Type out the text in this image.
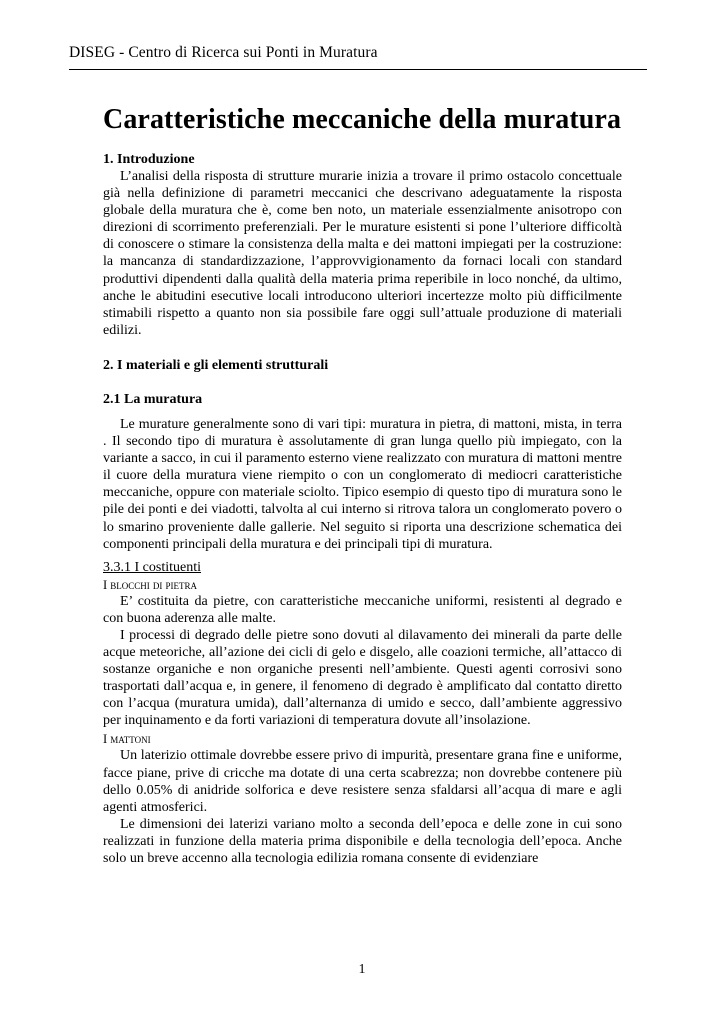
DISEG - Centro di Ricerca sui Ponti in Muratura
Caratteristiche meccaniche della muratura

1. Introduzione

L’analisi della risposta di strutture murarie inizia a trovare il primo ostacolo concettuale già nella definizione di parametri meccanici che descrivano adeguatamente la risposta globale della muratura che è, come ben noto, un materiale essenzialmente anisotropo con direzioni di scorrimento preferenziali. Per le murature esistenti si pone l’ulteriore difficoltà di conoscere o stimare la consistenza della malta e dei mattoni impiegati per la costruzione: la mancanza di standardizzazione, l’approvvigionamento da fornaci locali con standard produttivi dipendenti dalla qualità della materia prima reperibile in loco nonché, da ultimo, anche le abitudini esecutive locali introducono ulteriori incertezze molto più difficilmente stimabili rispetto a quanto non sia possibile fare oggi sull’attuale produzione di materiali edilizi.

2. I materiali e gli elementi strutturali

2.1 La muratura

Le murature generalmente sono di vari tipi: muratura in pietra, di mattoni, mista, in terra . Il secondo tipo di muratura è assolutamente di gran lunga quello più impiegato, con la variante a sacco, in cui il paramento esterno viene realizzato con muratura di mattoni mentre il cuore della muratura viene riempito o con un conglomerato di mediocri caratteristiche meccaniche, oppure con materiale sciolto. Tipico esempio di questo tipo di muratura sono le pile dei ponti e dei viadotti, talvolta al cui interno si ritrova talora un conglomerato povero o lo smarino proveniente dalle gallerie. Nel seguito si riporta una descrizione schematica dei componenti principali della muratura e dei principali tipi di muratura.

3.3.1 I costituenti

I blocchi di pietra

E’ costituita da pietre, con caratteristiche meccaniche uniformi, resistenti al degrado e con buona aderenza alle malte.

I processi di degrado delle pietre sono dovuti al dilavamento dei minerali da parte delle acque meteoriche, all’azione dei cicli di gelo e disgelo, alle coazioni termiche, all’attacco di sostanze organiche e non organiche presenti nell’ambiente. Questi agenti corrosivi sono trasportati dall’acqua e, in genere, il fenomeno di degrado è amplificato dal contatto diretto con l’acqua (muratura umida), dall’alternanza di umido e secco, dall’ambiente aggressivo per inquinamento e da forti variazioni di temperatura dovute all’insolazione.

I mattoni

Un laterizio ottimale dovrebbe essere privo di impurità, presentare grana fine e uniforme, facce piane, prive di cricche ma dotate di una certa scabrezza; non dovrebbe contenere più dello 0.05% di anidride solforica e deve resistere senza sfaldarsi all’acqua di mare e agli agenti atmosferici.

Le dimensioni dei laterizi variano molto a seconda dell’epoca e delle zone in cui sono realizzati in funzione della materia prima disponibile e della tecnologia dell’epoca. Anche solo un breve accenno alla tecnologia edilizia romana consente di evidenziare

1
